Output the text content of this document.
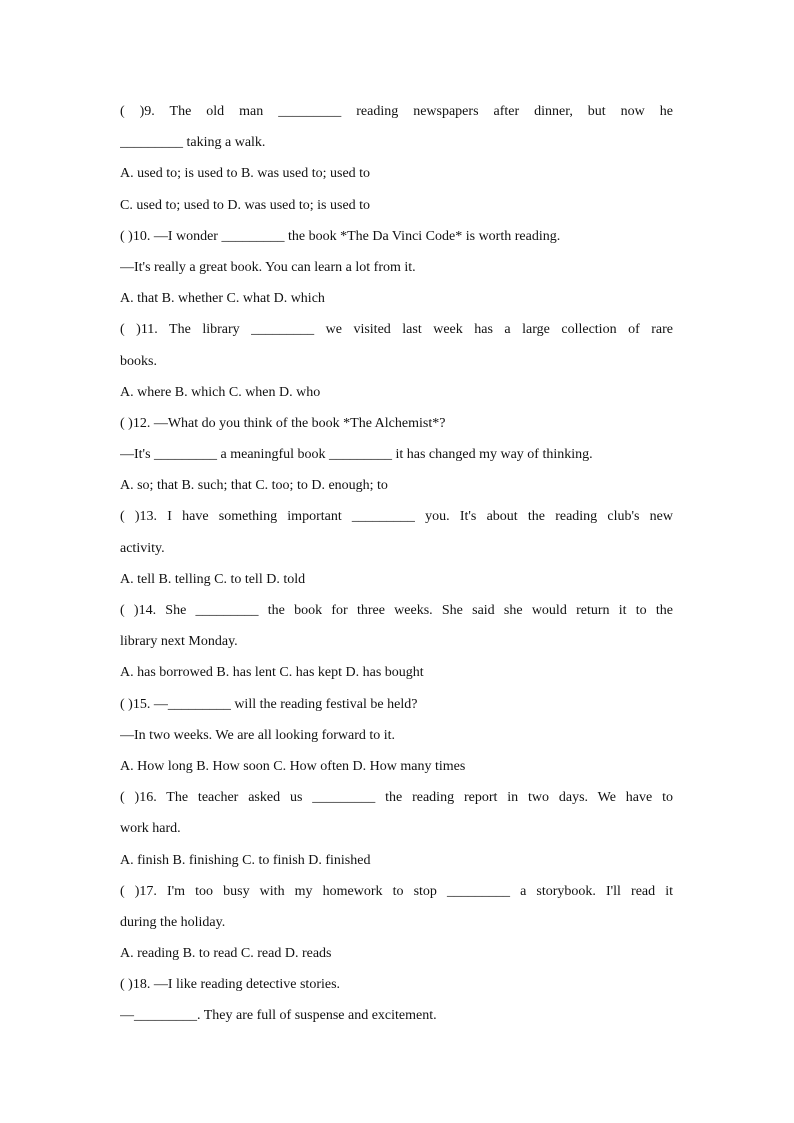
( )9. The old man _________ reading newspapers after dinner, but now he
_________ taking a walk.
A. used to; is used to B. was used to; used to
C. used to; used to D. was used to; is used to
( )10. —I wonder _________ the book *The Da Vinci Code* is worth reading.
—It's really a great book. You can learn a lot from it.
A. that B. whether C. what D. which
( )11. The library _________ we visited last week has a large collection of rare
books.
A. where B. which C. when D. who
( )12. —What do you think of the book *The Alchemist*?
—It's _________ a meaningful book _________ it has changed my way of thinking.
A. so; that B. such; that C. too; to D. enough; to
( )13. I have something important _________ you. It's about the reading club's new
activity.
A. tell B. telling C. to tell D. told
( )14. She _________ the book for three weeks. She said she would return it to the
library next Monday.
A. has borrowed B. has lent C. has kept D. has bought
( )15. —_________ will the reading festival be held?
—In two weeks. We are all looking forward to it.
A. How long B. How soon C. How often D. How many times
( )16. The teacher asked us _________ the reading report in two days. We have to
work hard.
A. finish B. finishing C. to finish D. finished
( )17. I'm too busy with my homework to stop _________ a storybook. I'll read it
during the holiday.
A. reading B. to read C. read D. reads
( )18. —I like reading detective stories.
—_________. They are full of suspense and excitement.
